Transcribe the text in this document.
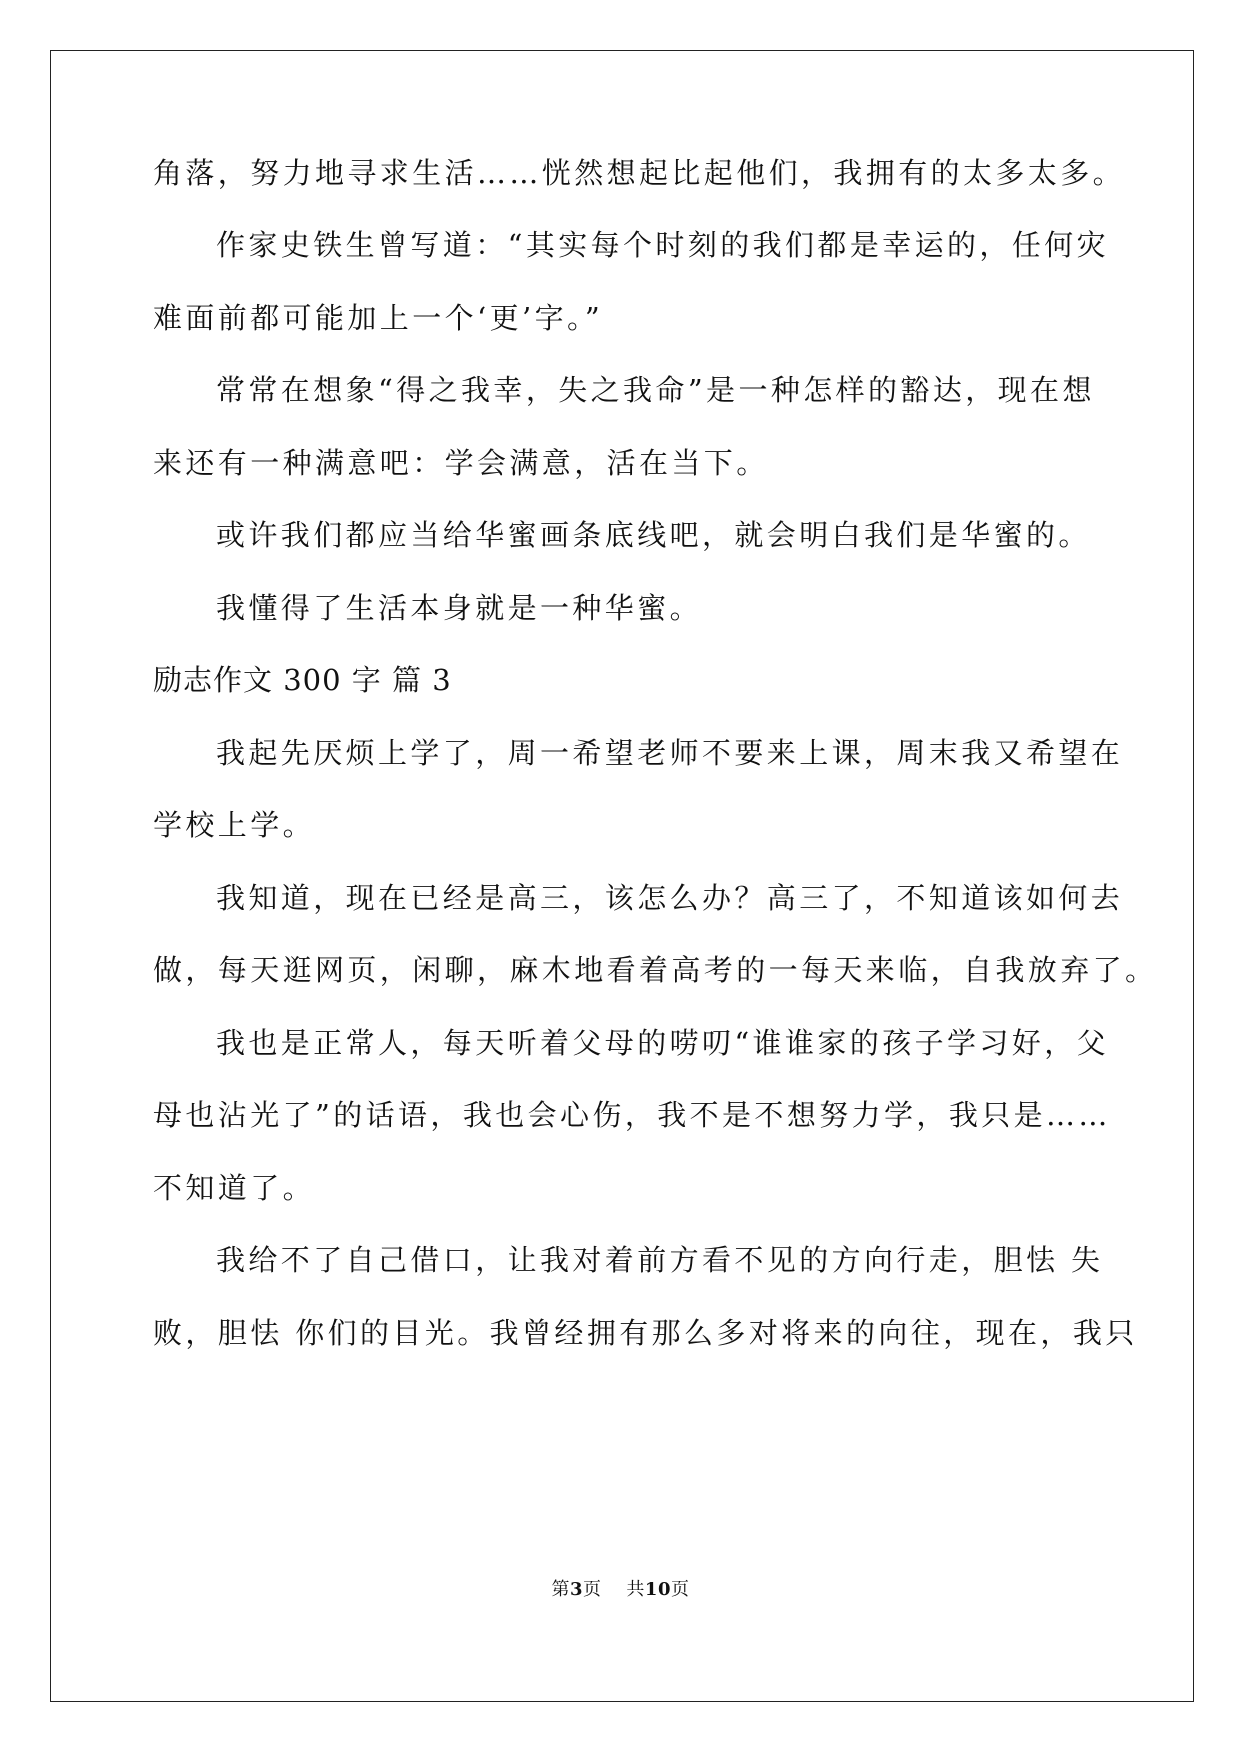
角落，努力地寻求生活……恍然想起比起他们，我拥有的太多太多。
作家史铁生曾写道：“其实每个时刻的我们都是幸运的，任何灾
难面前都可能加上一个‘更’字。”
常常在想象“得之我幸，失之我命”是一种怎样的豁达，现在想
来还有一种满意吧：学会满意，活在当下。
或许我们都应当给华蜜画条底线吧，就会明白我们是华蜜的。
我懂得了生活本身就是一种华蜜。
励志作文 300 字 篇 3
我起先厌烦上学了，周一希望老师不要来上课，周末我又希望在
学校上学。
我知道，现在已经是高三，该怎么办？高三了，不知道该如何去
做，每天逛网页，闲聊，麻木地看着高考的一每天来临，自我放弃了。
我也是正常人，每天听着父母的唠叨“谁谁家的孩子学习好，父
母也沾光了”的话语，我也会心伤，我不是不想努力学，我只是……
不知道了。
我给不了自己借口，让我对着前方看不见的方向行走，胆怯 失
败，胆怯 你们的目光。我曾经拥有那么多对将来的向往，现在，我只
第3页 共10页
